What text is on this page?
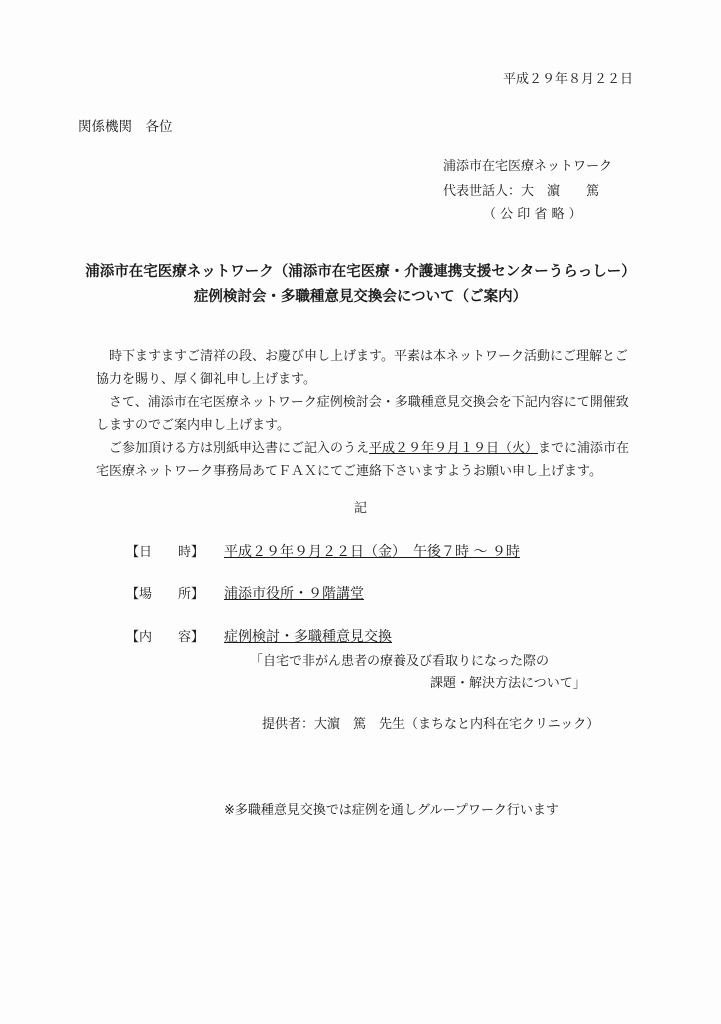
平成２９年８月２２日
関係機関　各位
浦添市在宅医療ネットワーク
代表世話人：大　濵　　篤
（ 公 印 省 略 ）
浦添市在宅医療ネットワーク（浦添市在宅医療・介護連携支援センターうらっしー）
症例検討会・多職種意見交換会について（ご案内）
時下ますますご清祥の段、お慶び申し上げます。平素は本ネットワーク活動にご理解とご協力を賜り、厚く御礼申し上げます。
さて、浦添市在宅医療ネットワーク症例検討会・多職種意見交換会を下記内容にて開催致しますのでご案内申し上げます。
ご参加頂ける方は別紙申込書にご記入のうえ平成２９年９月１９日（火）までに浦添市在宅医療ネットワーク事務局あてＦＡＸにてご連絡下さいますようお願い申し上げます。
記
【日　　時】 平成２９年９月２２日（金）　午後７時 ～ ９時
【場　　所】 浦添市役所・９階講堂
【内　　容】 症例検討・多職種意見交換
「自宅で非がん患者の療養及び看取りになった際の
課題・解決方法について」
提供者：大濵　篤　先生（まちなと内科在宅クリニック）
※多職種意見交換では症例を通しグループワーク行います
